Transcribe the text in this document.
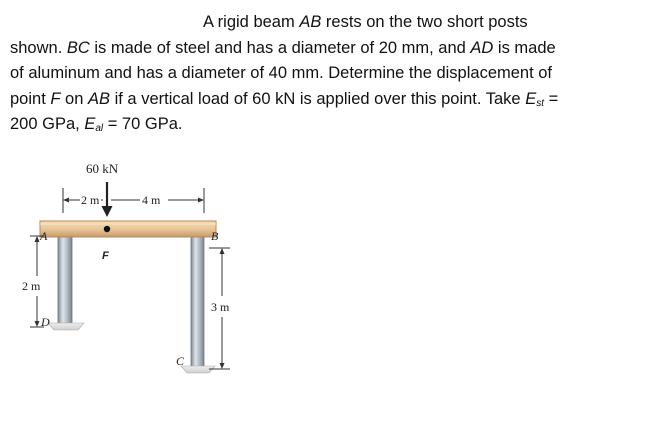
A rigid beam AB rests on the two short posts
shown. BC is made of steel and has a diameter of 20 mm, and AD is made
of aluminum and has a diameter of 40 mm. Determine the displacement of
point F on AB if a vertical load of 60 kN is applied over this point. Take $E_{st}$ =
200 GPa, $E_{al} = 70$ GPa.
60 kN
2 m	4 m
F
A	B
C
D
2 m
3 m
